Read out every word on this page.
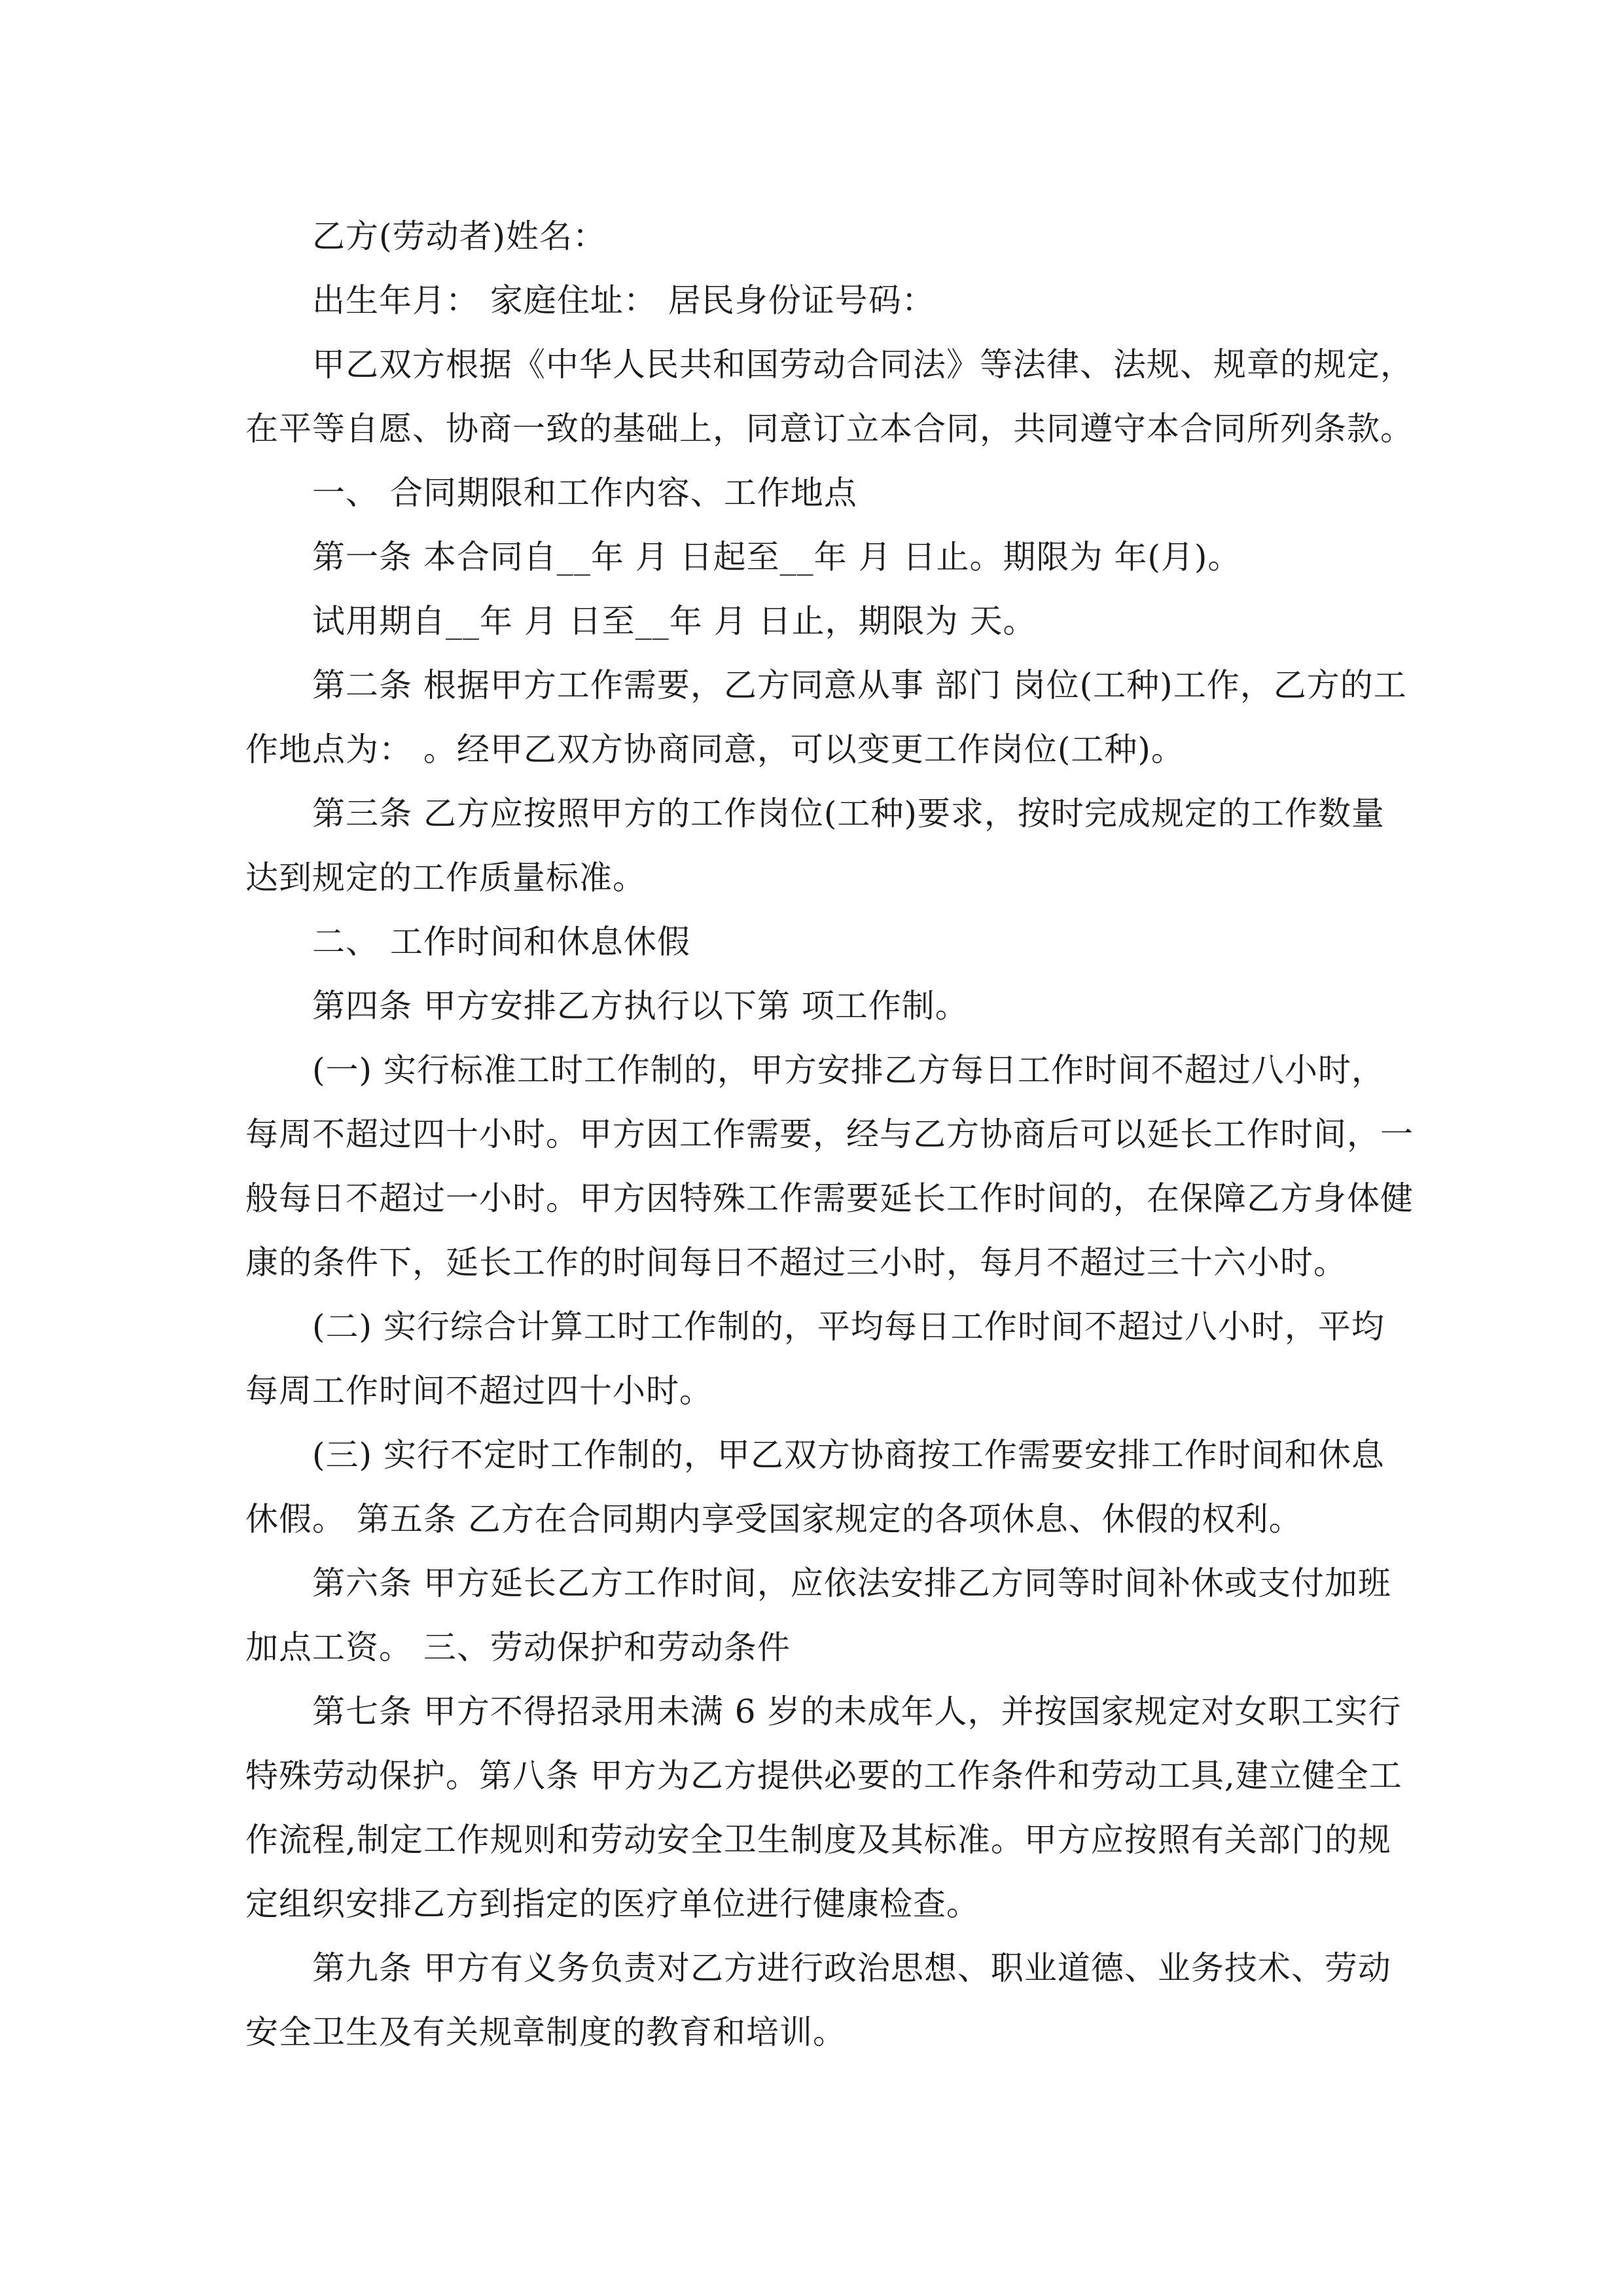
乙方(劳动者)姓名：
出生年月： 家庭住址： 居民身份证号码：
甲乙双方根据《中华人民共和国劳动合同法》等法律、法规、规章的规定，
在平等自愿、协商一致的基础上，同意订立本合同，共同遵守本合同所列条款。
一、 合同期限和工作内容、工作地点
第一条 本合同自__年 月 日起至__年 月 日止。期限为 年(月)。
试用期自__年 月 日至__年 月 日止，期限为 天。
第二条 根据甲方工作需要，乙方同意从事 部门 岗位(工种)工作，乙方的工
作地点为： 。经甲乙双方协商同意，可以变更工作岗位(工种)。
第三条 乙方应按照甲方的工作岗位(工种)要求，按时完成规定的工作数量
达到规定的工作质量标准。
二、 工作时间和休息休假
第四条 甲方安排乙方执行以下第 项工作制。
(一) 实行标准工时工作制的，甲方安排乙方每日工作时间不超过八小时，
每周不超过四十小时。甲方因工作需要，经与乙方协商后可以延长工作时间，一
般每日不超过一小时。甲方因特殊工作需要延长工作时间的，在保障乙方身体健
康的条件下，延长工作的时间每日不超过三小时，每月不超过三十六小时。
(二) 实行综合计算工时工作制的，平均每日工作时间不超过八小时，平均
每周工作时间不超过四十小时。
(三) 实行不定时工作制的，甲乙双方协商按工作需要安排工作时间和休息
休假。 第五条 乙方在合同期内享受国家规定的各项休息、休假的权利。
第六条 甲方延长乙方工作时间，应依法安排乙方同等时间补休或支付加班
加点工资。 三、劳动保护和劳动条件
第七条 甲方不得招录用未满 6 岁的未成年人，并按国家规定对女职工实行
特殊劳动保护。第八条 甲方为乙方提供必要的工作条件和劳动工具,建立健全工
作流程,制定工作规则和劳动安全卫生制度及其标准。甲方应按照有关部门的规
定组织安排乙方到指定的医疗单位进行健康检查。
第九条 甲方有义务负责对乙方进行政治思想、职业道德、业务技术、劳动
安全卫生及有关规章制度的教育和培训。
